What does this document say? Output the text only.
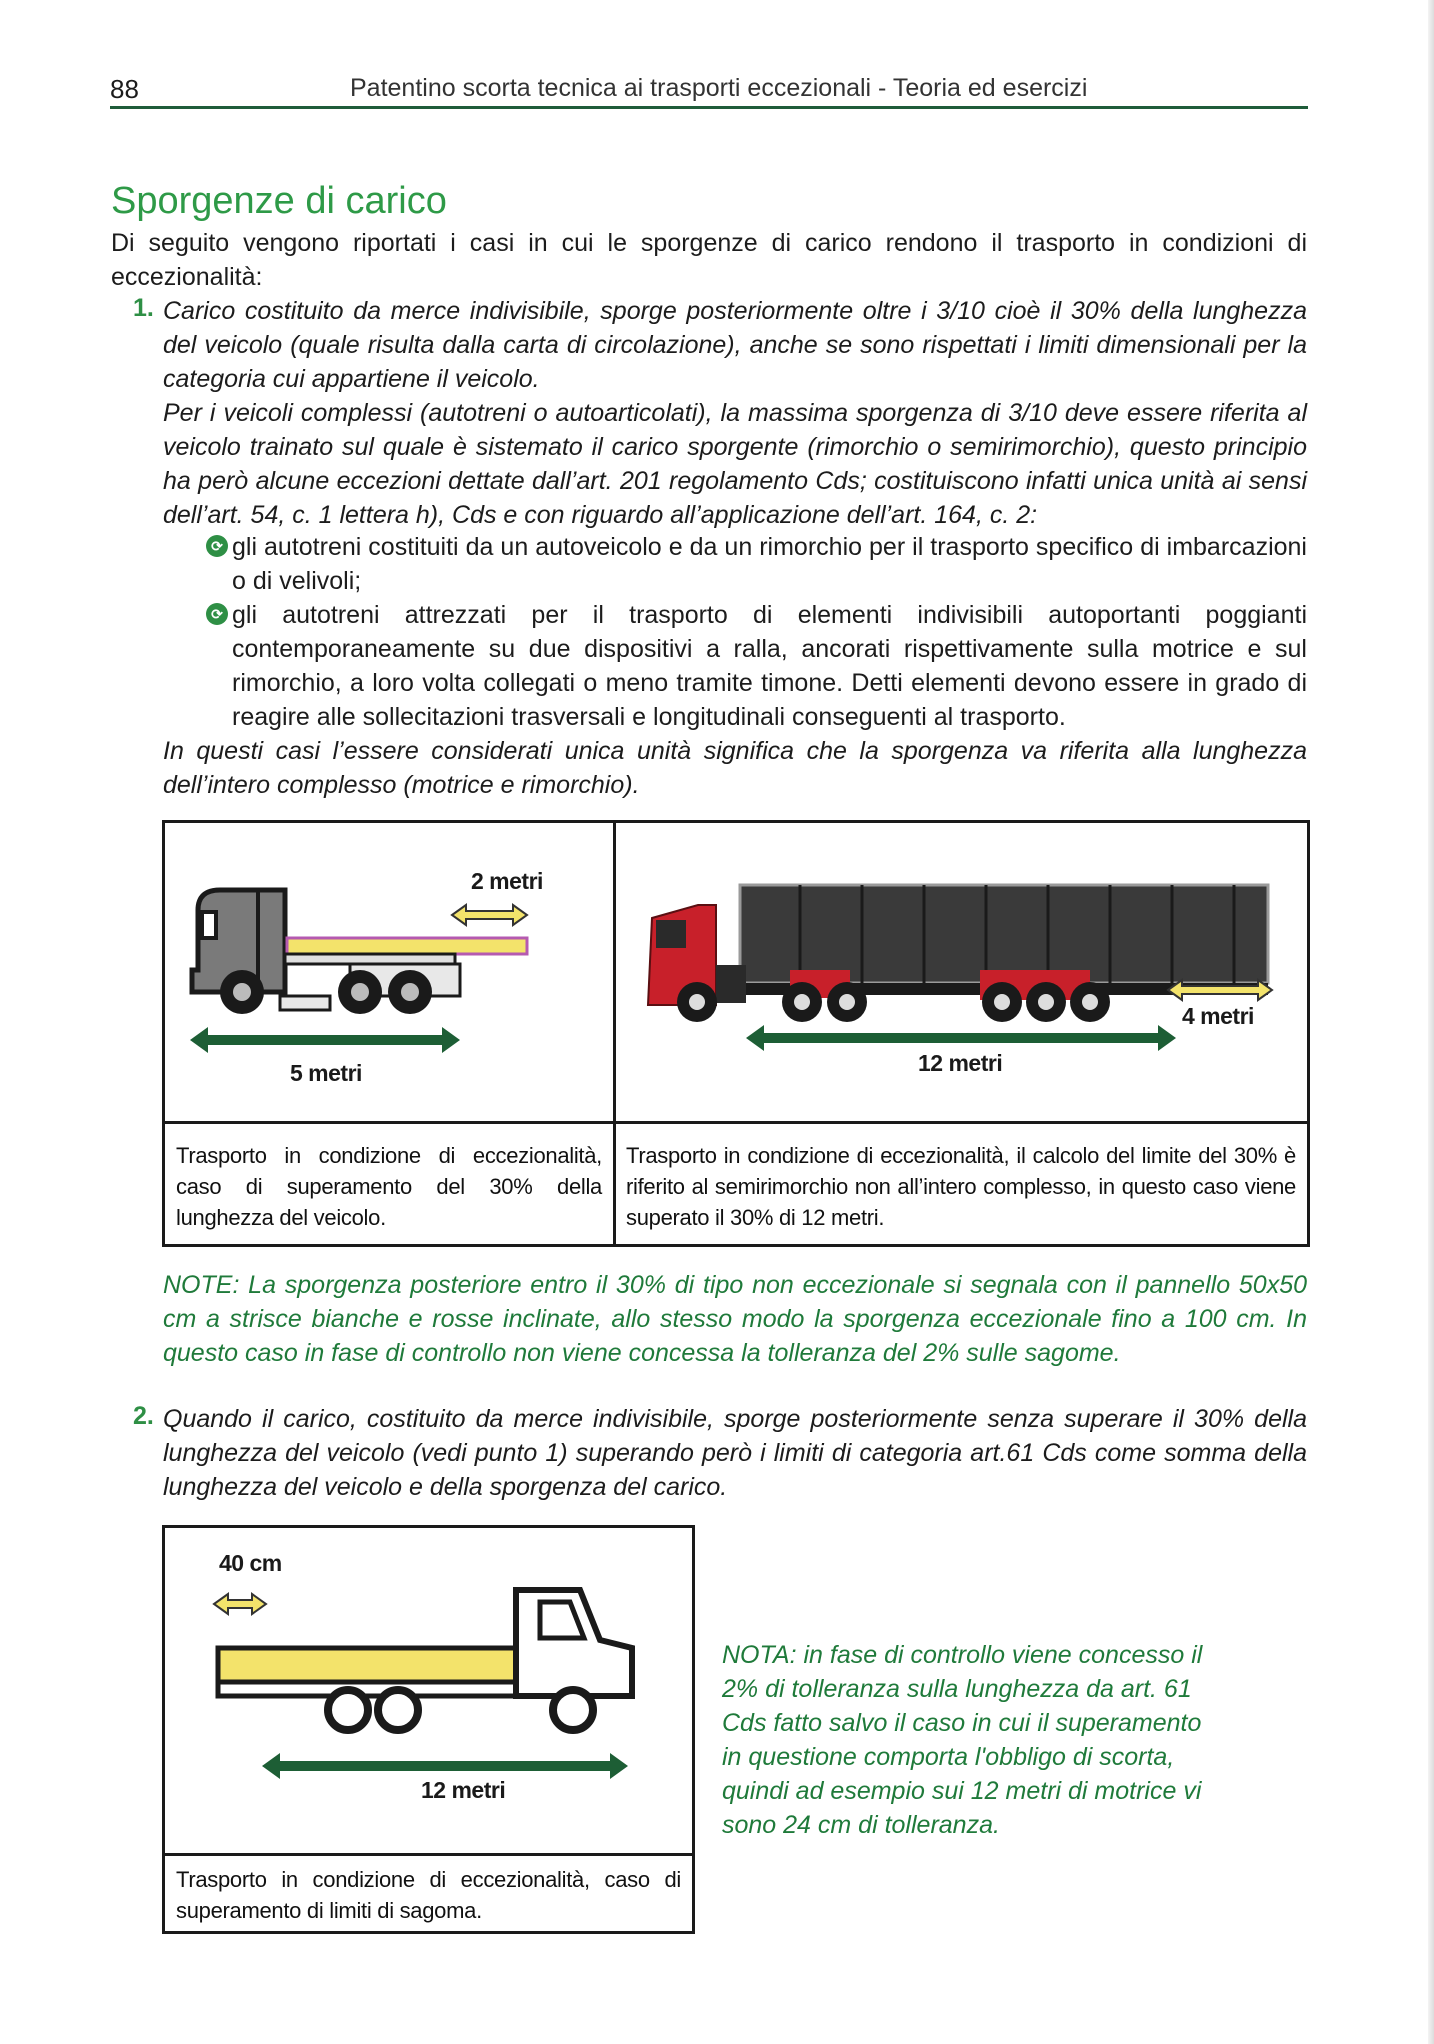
88	Patentino scorta tecnica ai trasporti eccezionali - Teoria ed esercizi
Sporgenze di carico
Di seguito vengono riportati i casi in cui le sporgenze di carico rendono il trasporto in condizioni di eccezionalità:
1. Carico costituito da merce indivisibile, sporge posteriormente oltre i 3/10 cioè il 30% della lunghezza del veicolo (quale risulta dalla carta di circolazione), anche se sono rispettati i limiti dimensionali per la categoria cui appartiene il veicolo.
Per i veicoli complessi (autotreni o autoarticolati), la massima sporgenza di 3/10 deve essere riferita al veicolo trainato sul quale è sistemato il carico sporgente (rimorchio o semirimorchio), questo principio ha però alcune eccezioni dettate dall’art. 201 regolamento Cds; costituiscono infatti unica unità ai sensi dell’art. 54, c. 1 lettera h), Cds e con riguardo all’applicazione dell’art. 164, c. 2:
⟳ gli autotreni costituiti da un autoveicolo e da un rimorchio per il trasporto specifico di imbarcazioni o di velivoli;
⟳ gli autotreni attrezzati per il trasporto di elementi indivisibili autoportanti poggianti contemporaneamente su due dispositivi a ralla, ancorati rispettivamente sulla motrice e sul rimorchio, a loro volta collegati o meno tramite timone. Detti elementi devono essere in grado di reagire alle sollecitazioni trasversali e longitudinali conseguenti al trasporto.
In questi casi l’essere considerati unica unità significa che la sporgenza va riferita alla lunghezza dell’intero complesso (motrice e rimorchio).
2 metri
5 metri
4 metri
12 metri
Trasporto in condizione di eccezionalità, caso di superamento del 30% della lunghezza del veicolo.
Trasporto in condizione di eccezionalità, il calcolo del limite del 30% è riferito al semirimorchio non all’intero complesso, in questo caso viene superato il 30% di 12 metri.
NOTE: La sporgenza posteriore entro il 30% di tipo non eccezionale si segnala con il pannello 50x50 cm a strisce bianche e rosse inclinate, allo stesso modo la sporgenza eccezionale fino a 100 cm. In questo caso in fase di controllo non viene concessa la tolleranza del 2% sulle sagome.
2. Quando il carico, costituito da merce indivisibile, sporge posteriormente senza superare il 30% della lunghezza del veicolo (vedi punto 1) superando però i limiti di categoria art.61 Cds come somma della lunghezza del veicolo e della sporgenza del carico.
40 cm
12 metri
Trasporto in condizione di eccezionalità, caso di superamento di limiti di sagoma.
NOTA: in fase di controllo viene concesso il 2% di tolleranza sulla lunghezza da art. 61 Cds fatto salvo il caso in cui il superamento in questione comporta l'obbligo di scorta, quindi ad esempio sui 12 metri di motrice vi sono 24 cm di tolleranza.
